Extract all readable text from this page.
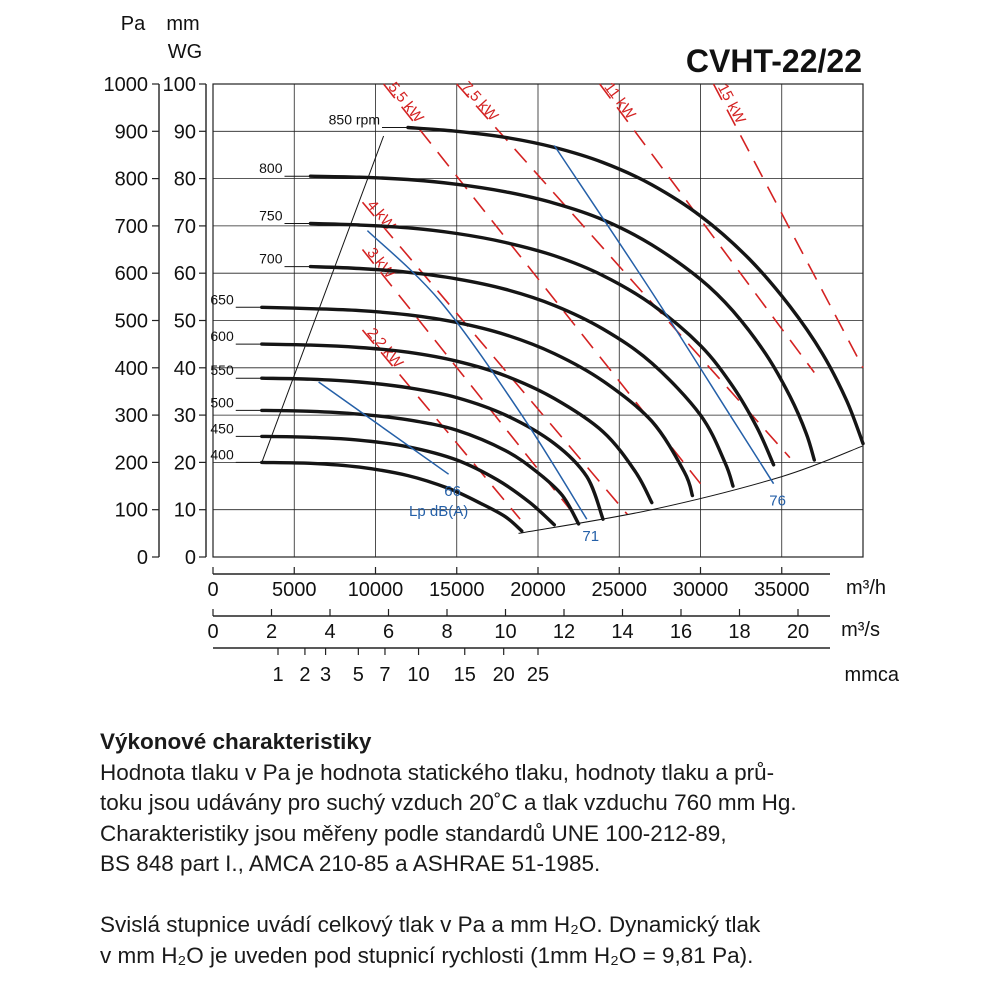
CVHT-22/22
Pa mm
WG
2,2 kW
3 kW
4 kW
5,5 kW 7,5 kW	11 kW	15 kW
400
450
500
550
600
650
700
750
800
850 rpm
66
71
76
Lp dB(A)
0
100
200
300
400
500
600
700
800
900
1000
0
10
20
30
40
50
60
70
80
90
100
0	5000 10000 15000 20000 25000 30000 35000 m³/h
0 2 4 6 8 10 12 14 16 18 20 m³/s
1 2 3 5 7 10 15 20 25	mmca

Výkonové charakteristiky

Hodnota tlaku v Pa je hodnota statického tlaku, hodnoty tlaku a prů-

toku jsou udávány pro suchý vzduch 20˚C a tlak vzduchu 760 mm Hg.

Charakteristiky jsou měřeny podle standardů UNE 100-212-89,

BS 848 part I., AMCA 210-85 a ASHRAE 51-1985.

Svislá stupnice uvádí celkový tlak v Pa a mm H₂O. Dynamický tlak

v mm H₂O je uveden pod stupnicí rychlosti (1mm H₂O = 9,81 Pa).
